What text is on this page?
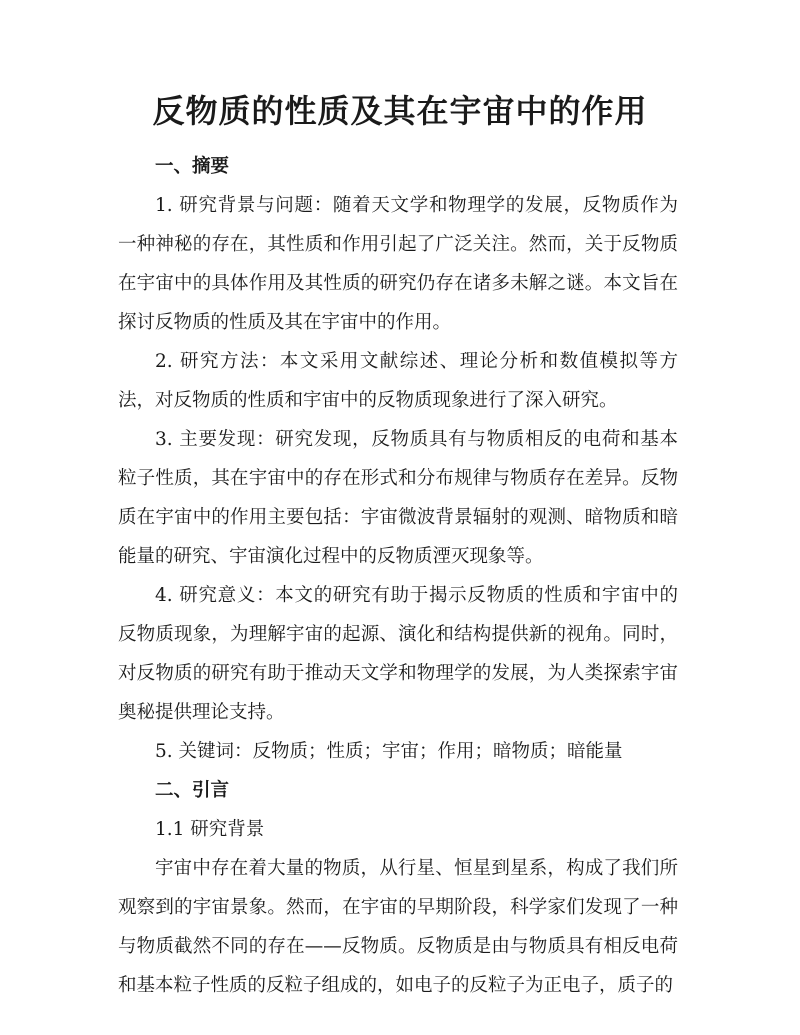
反物质的性质及其在宇宙中的作用
一、摘要

1. 研究背景与问题：随着天文学和物理学的发展，反物质作为一种神秘的存在，其性质和作用引起了广泛关注。然而，关于反物质在宇宙中的具体作用及其性质的研究仍存在诸多未解之谜。本文旨在探讨反物质的性质及其在宇宙中的作用。

2. 研究方法：本文采用文献综述、理论分析和数值模拟等方法，对反物质的性质和宇宙中的反物质现象进行了深入研究。

3. 主要发现：研究发现，反物质具有与物质相反的电荷和基本粒子性质，其在宇宙中的存在形式和分布规律与物质存在差异。反物质在宇宙中的作用主要包括：宇宙微波背景辐射的观测、暗物质和暗能量的研究、宇宙演化过程中的反物质湮灭现象等。

4. 研究意义：本文的研究有助于揭示反物质的性质和宇宙中的反物质现象，为理解宇宙的起源、演化和结构提供新的视角。同时，对反物质的研究有助于推动天文学和物理学的发展，为人类探索宇宙奥秘提供理论支持。

5. 关键词：反物质；性质；宇宙；作用；暗物质；暗能量

二、引言

1.1 研究背景

宇宙中存在着大量的物质，从行星、恒星到星系，构成了我们所观察到的宇宙景象。然而，在宇宙的早期阶段，科学家们发现了一种与物质截然不同的存在——反物质。反物质是由与物质具有相反电荷和基本粒子性质的反粒子组成的，如电子的反粒子为正电子，质子的
